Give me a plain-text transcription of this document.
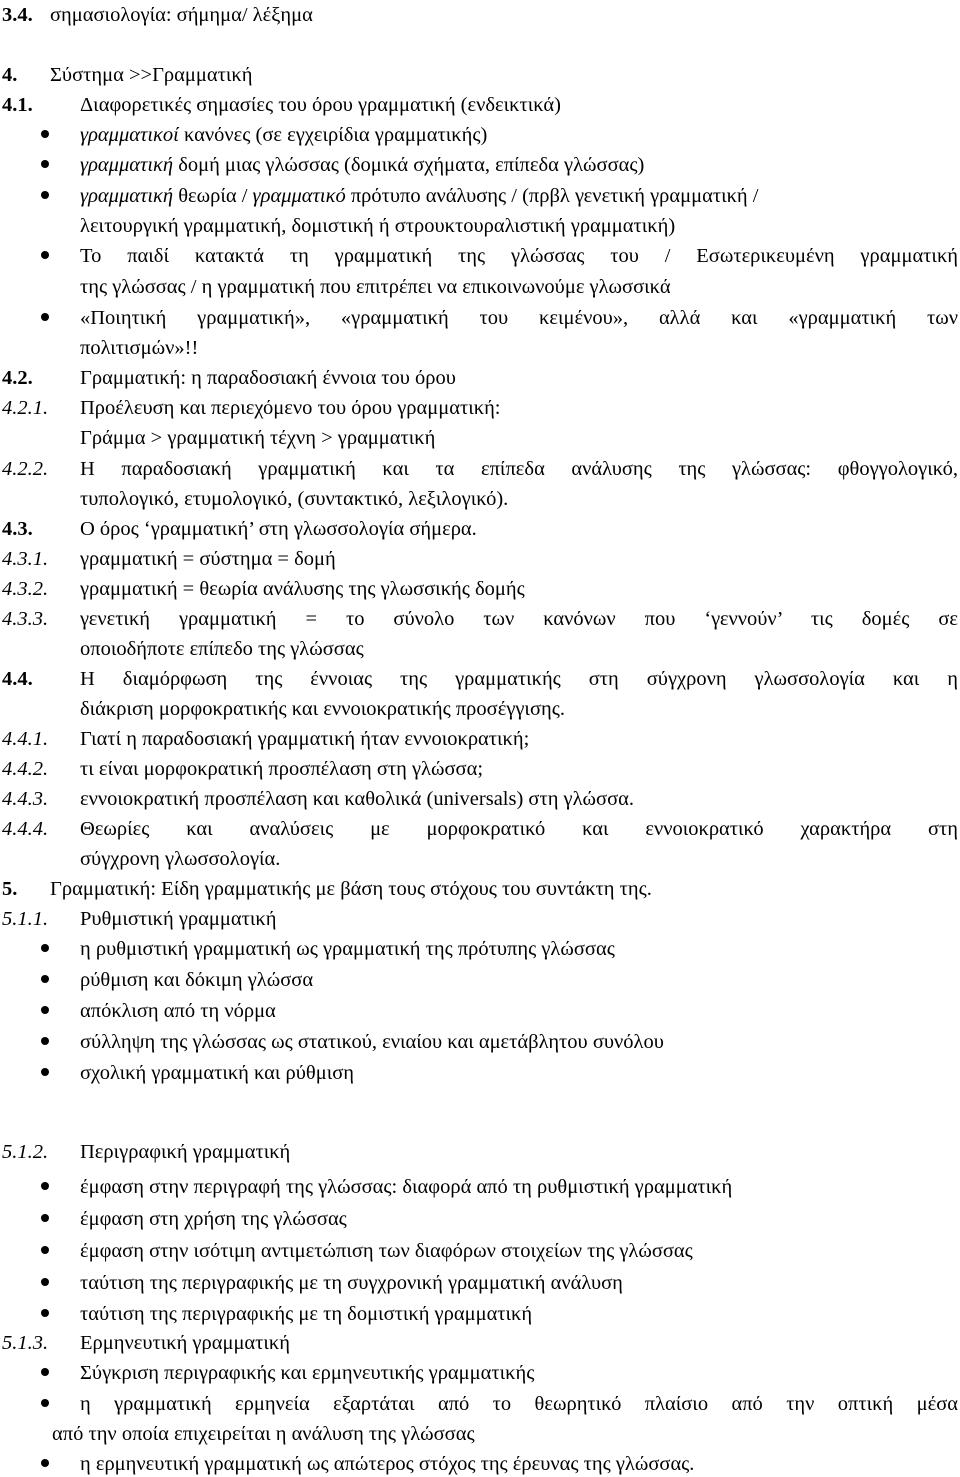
3.4. σημασιολογία: σήμημα/ λέξημα
4. Σύστημα >>Γραμματική
4.1. Διαφορετικές σημασίες του όρου γραμματική (ενδεικτικά)
γραμματικοί κανόνες (σε εγχειρίδια γραμματικής)
γραμματική δομή μιας γλώσσας (δομικά σχήματα, επίπεδα γλώσσας)
γραμματική θεωρία / γραμματικό πρότυπο ανάλυσης / (πρβλ γενετική γραμματική /
λειτουργική γραμματική, δομιστική ή στρουκτουραλιστική γραμματική)
Το παιδί κατακτά τη γραμματική της γλώσσας του / Εσωτερικευμένη γραμματική
της γλώσσας / η γραμματική που επιτρέπει να επικοινωνούμε γλωσσικά
«Ποιητική γραμματική», «γραμματική του κειμένου», αλλά και «γραμματική των
πολιτισμών»!!
4.2. Γραμματική: η παραδοσιακή έννοια του όρου
4.2.1. Προέλευση και περιεχόμενο του όρου γραμματική:
Γράμμα > γραμματική τέχνη > γραμματική
4.2.2. Η παραδοσιακή γραμματική και τα επίπεδα ανάλυσης της γλώσσας: φθογγολογικό,
τυπολογικό, ετυμολογικό, (συντακτικό, λεξιλογικό).
4.3. Ο όρος ‘γραμματική’ στη γλωσσολογία σήμερα.
4.3.1. γραμματική = σύστημα = δομή
4.3.2. γραμματική = θεωρία ανάλυσης της γλωσσικής δομής
4.3.3. γενετική γραμματική = το σύνολο των κανόνων που ‘γεννούν’ τις δομές σε
οποιοδήποτε επίπεδο της γλώσσας
4.4. Η διαμόρφωση της έννοιας της γραμματικής στη σύγχρονη γλωσσολογία και η
διάκριση μορφοκρατικής και εννοιοκρατικής προσέγγισης.
4.4.1. Γιατί η παραδοσιακή γραμματική ήταν εννοιοκρατική;
4.4.2. τι είναι μορφοκρατική προσπέλαση στη γλώσσα;
4.4.3. εννοιοκρατική προσπέλαση και καθολικά (universals) στη γλώσσα.
4.4.4. Θεωρίες και αναλύσεις με μορφοκρατικό και εννοιοκρατικό χαρακτήρα στη
σύγχρονη γλωσσολογία.
5. Γραμματική: Είδη γραμματικής με βάση τους στόχους του συντάκτη της.
5.1.1. Ρυθμιστική γραμματική
η ρυθμιστική γραμματική ως γραμματική της πρότυπης γλώσσας
ρύθμιση και δόκιμη γλώσσα
απόκλιση από τη νόρμα
σύλληψη της γλώσσας ως στατικού, ενιαίου και αμετάβλητου συνόλου
σχολική γραμματική και ρύθμιση
5.1.2. Περιγραφική γραμματική
έμφαση στην περιγραφή της γλώσσας: διαφορά από τη ρυθμιστική γραμματική
έμφαση στη χρήση της γλώσσας
έμφαση στην ισότιμη αντιμετώπιση των διαφόρων στοιχείων της γλώσσας
ταύτιση της περιγραφικής με τη συγχρονική γραμματική ανάλυση
ταύτιση της περιγραφικής με τη δομιστική γραμματική
5.1.3. Ερμηνευτική γραμματική
Σύγκριση περιγραφικής και ερμηνευτικής γραμματικής
η γραμματική ερμηνεία εξαρτάται από το θεωρητικό πλαίσιο από την οπτική μέσα
από την οποία επιχειρείται η ανάλυση της γλώσσας
η ερμηνευτική γραμματική ως απώτερος στόχος της έρευνας της γλώσσας.
